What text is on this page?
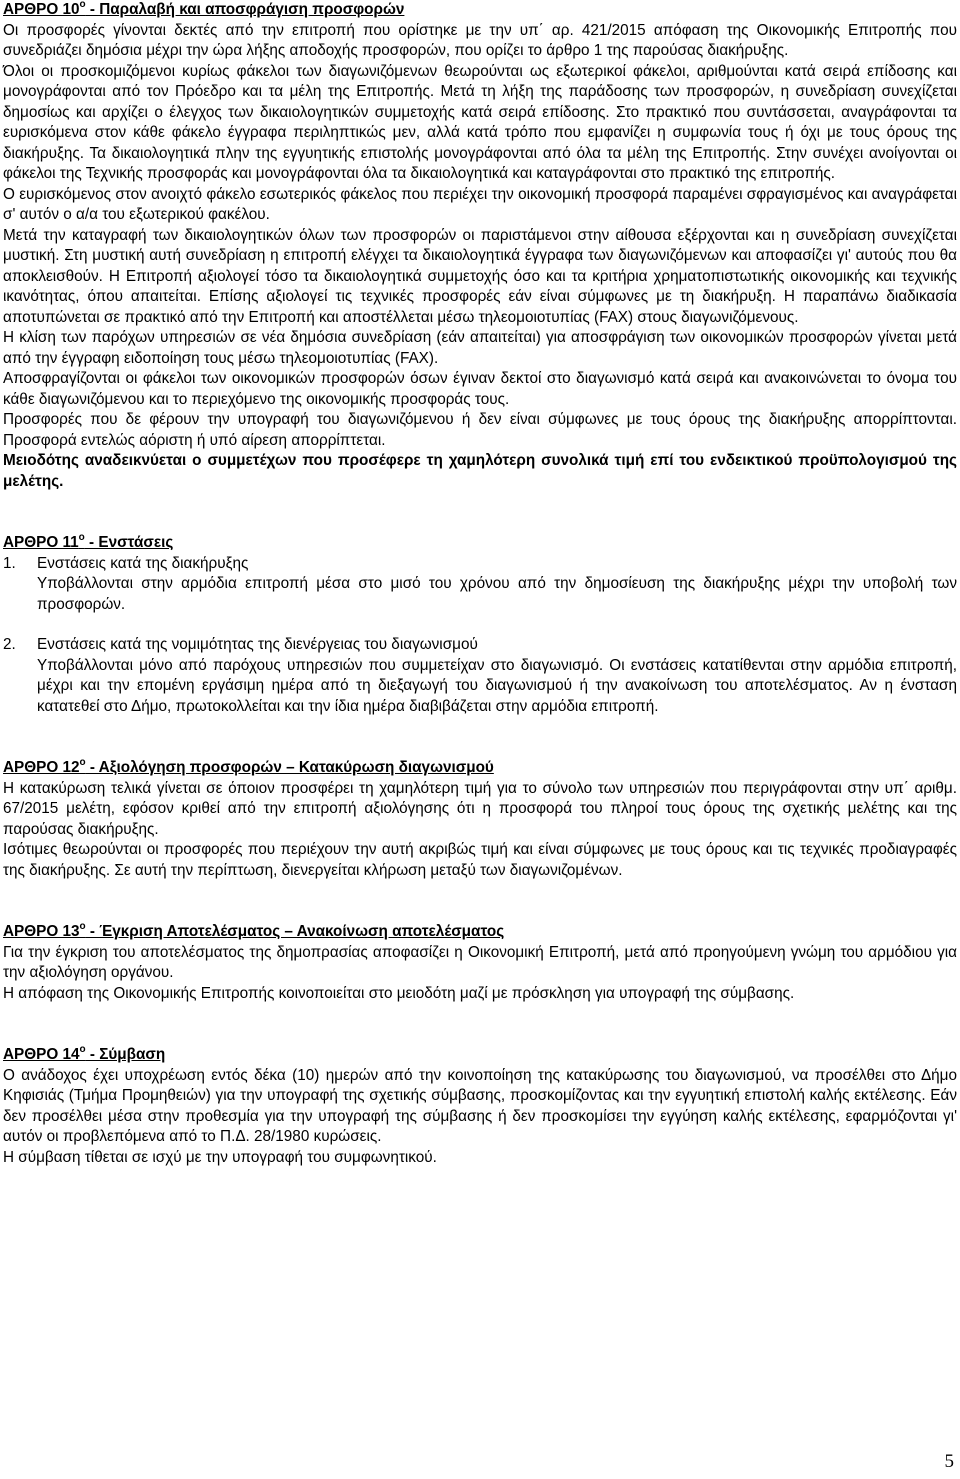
ΑΡΘΡΟ $10^o$ - Παραλαβή και αποσφράγιση προσφορών

Οι προσφορές γίνονται δεκτές από την επιτροπή που ορίστηκε με την υπ΄ αρ. 421/2015 απόφαση της Οικονομικής Επιτροπής που συνεδριάζει δημόσια μέχρι την ώρα λήξης αποδοχής προσφορών, που ορίζει το άρθρο 1 της παρούσας διακήρυξης.

Όλοι οι προσκομιζόμενοι κυρίως φάκελοι των διαγωνιζόμενων θεωρούνται ως εξωτερικοί φάκελοι, αριθμούνται κατά σειρά επίδοσης και μονογράφονται από τον Πρόεδρο και τα μέλη της Επιτροπής. Μετά τη λήξη της παράδοσης των προσφορών, η συνεδρίαση συνεχίζεται δημοσίως και αρχίζει ο έλεγχος των δικαιολογητικών συμμετοχής κατά σειρά επίδοσης. Στο πρακτικό που συντάσσεται, αναγράφονται τα ευρισκόμενα στον κάθε φάκελο έγγραφα περιληπτικώς μεν, αλλά κατά τρόπο που εμφανίζει η συμφωνία τους ή όχι με τους όρους της διακήρυξης. Τα δικαιολογητικά πλην της εγγυητικής επιστολής μονογράφονται από όλα τα μέλη της Επιτροπής. Στην συνέχει ανοίγονται οι φάκελοι της Τεχνικής προσφοράς και μονογράφονται όλα τα δικαιολογητικά και καταγράφονται στο πρακτικό της επιτροπής.

Ο ευρισκόμενος στον ανοιχτό φάκελο εσωτερικός φάκελος που περιέχει την οικονομική προσφορά παραμένει σφραγισμένος και αναγράφεται σ' αυτόν ο α/α του εξωτερικού φακέλου.

Μετά την καταγραφή των δικαιολογητικών όλων των προσφορών οι παριστάμενοι στην αίθουσα εξέρχονται και η συνεδρίαση συνεχίζεται μυστική. Στη μυστική αυτή συνεδρίαση η επιτροπή ελέγχει τα δικαιολογητικά έγγραφα των διαγωνιζόμενων και αποφασίζει γι' αυτούς που θα αποκλεισθούν. Η Επιτροπή αξιολογεί τόσο τα δικαιολογητικά συμμετοχής όσο και τα κριτήρια χρηματοπιστωτικής οικονομικής και τεχνικής ικανότητας, όπου απαιτείται. Επίσης αξιολογεί τις τεχνικές προσφορές εάν είναι σύμφωνες με τη διακήρυξη. Η παραπάνω διαδικασία αποτυπώνεται σε πρακτικό από την Επιτροπή και αποστέλλεται μέσω τηλεομοιοτυπίας (FAX) στους διαγωνιζόμενους.

Η κλίση των παρόχων υπηρεσιών σε νέα δημόσια συνεδρίαση (εάν απαιτείται) για αποσφράγιση των οικονομικών προσφορών γίνεται μετά από την έγγραφη ειδοποίηση τους μέσω τηλεομοιοτυπίας (FAX).

Αποσφραγίζονται οι φάκελοι των οικονομικών προσφορών όσων έγιναν δεκτοί στο διαγωνισμό κατά σειρά και ανακοινώνεται το όνομα του κάθε διαγωνιζόμενου και το περιεχόμενο της οικονομικής προσφοράς τους.

Προσφορές που δε φέρουν την υπογραφή του διαγωνιζόμενου ή δεν είναι σύμφωνες με τους όρους της διακήρυξης απορρίπτονται. Προσφορά εντελώς αόριστη ή υπό αίρεση απορρίπτεται.

Μειοδότης αναδεικνύεται ο συμμετέχων που προσέφερε τη χαμηλότερη συνολικά τιμή επί του ενδεικτικού προϋπολογισμού της μελέτης.

ΑΡΘΡΟ $11^o$ - Ενστάσεις

1. Ενστάσεις κατά της διακήρυξης

Υποβάλλονται στην αρμόδια επιτροπή μέσα στο μισό του χρόνου από την δημοσίευση της διακήρυξης μέχρι την υποβολή των προσφορών.

2. Ενστάσεις κατά της νομιμότητας της διενέργειας του διαγωνισμού

Υποβάλλονται μόνο από παρόχους υπηρεσιών που συμμετείχαν στο διαγωνισμό. Οι ενστάσεις κατατίθενται στην αρμόδια επιτροπή, μέχρι και την επομένη εργάσιμη ημέρα από τη διεξαγωγή του διαγωνισμού ή την ανακοίνωση του αποτελέσματος. Αν η ένσταση κατατεθεί στο Δήμο, πρωτοκολλείται και την ίδια ημέρα διαβιβάζεται στην αρμόδια επιτροπή.

ΑΡΘΡΟ $12^o$ - Αξιολόγηση προσφορών – Κατακύρωση διαγωνισμού

Η κατακύρωση τελικά γίνεται σε όποιον προσφέρει τη χαμηλότερη τιμή για το σύνολο των υπηρεσιών που περιγράφονται στην υπ΄ αριθμ. 67/2015 μελέτη, εφόσον κριθεί από την επιτροπή αξιολόγησης ότι η προσφορά του πληροί τους όρους της σχετικής μελέτης και της παρούσας διακήρυξης.

Ισότιμες θεωρούνται οι προσφορές που περιέχουν την αυτή ακριβώς τιμή και είναι σύμφωνες με τους όρους και τις τεχνικές προδιαγραφές της διακήρυξης. Σε αυτή την περίπτωση, διενεργείται κλήρωση μεταξύ των διαγωνιζομένων.

ΑΡΘΡΟ $13^o$ - Έγκριση Αποτελέσματος – Ανακοίνωση αποτελέσματος

Για την έγκριση του αποτελέσματος της δημοπρασίας αποφασίζει η Οικονομική Επιτροπή, μετά από προηγούμενη γνώμη του αρμόδιου για την αξιολόγηση οργάνου.

Η απόφαση της Οικονομικής Επιτροπής κοινοποιείται στο μειοδότη μαζί με πρόσκληση για υπογραφή της σύμβασης.

ΑΡΘΡΟ $14^o$ - Σύμβαση

Ο ανάδοχος έχει υποχρέωση εντός δέκα (10) ημερών από την κοινοποίηση της κατακύρωσης του διαγωνισμού, να προσέλθει στο Δήμο Κηφισιάς (Τμήμα Προμηθειών) για την υπογραφή της σχετικής σύμβασης, προσκομίζοντας και την εγγυητική επιστολή καλής εκτέλεσης. Εάν δεν προσέλθει μέσα στην προθεσμία για την υπογραφή της σύμβασης ή δεν προσκομίσει την εγγύηση καλής εκτέλεσης, εφαρμόζονται γι' αυτόν οι προβλεπόμενα από το Π.Δ. 28/1980 κυρώσεις.

Η σύμβαση τίθεται σε ισχύ με την υπογραφή του συμφωνητικού.

5
